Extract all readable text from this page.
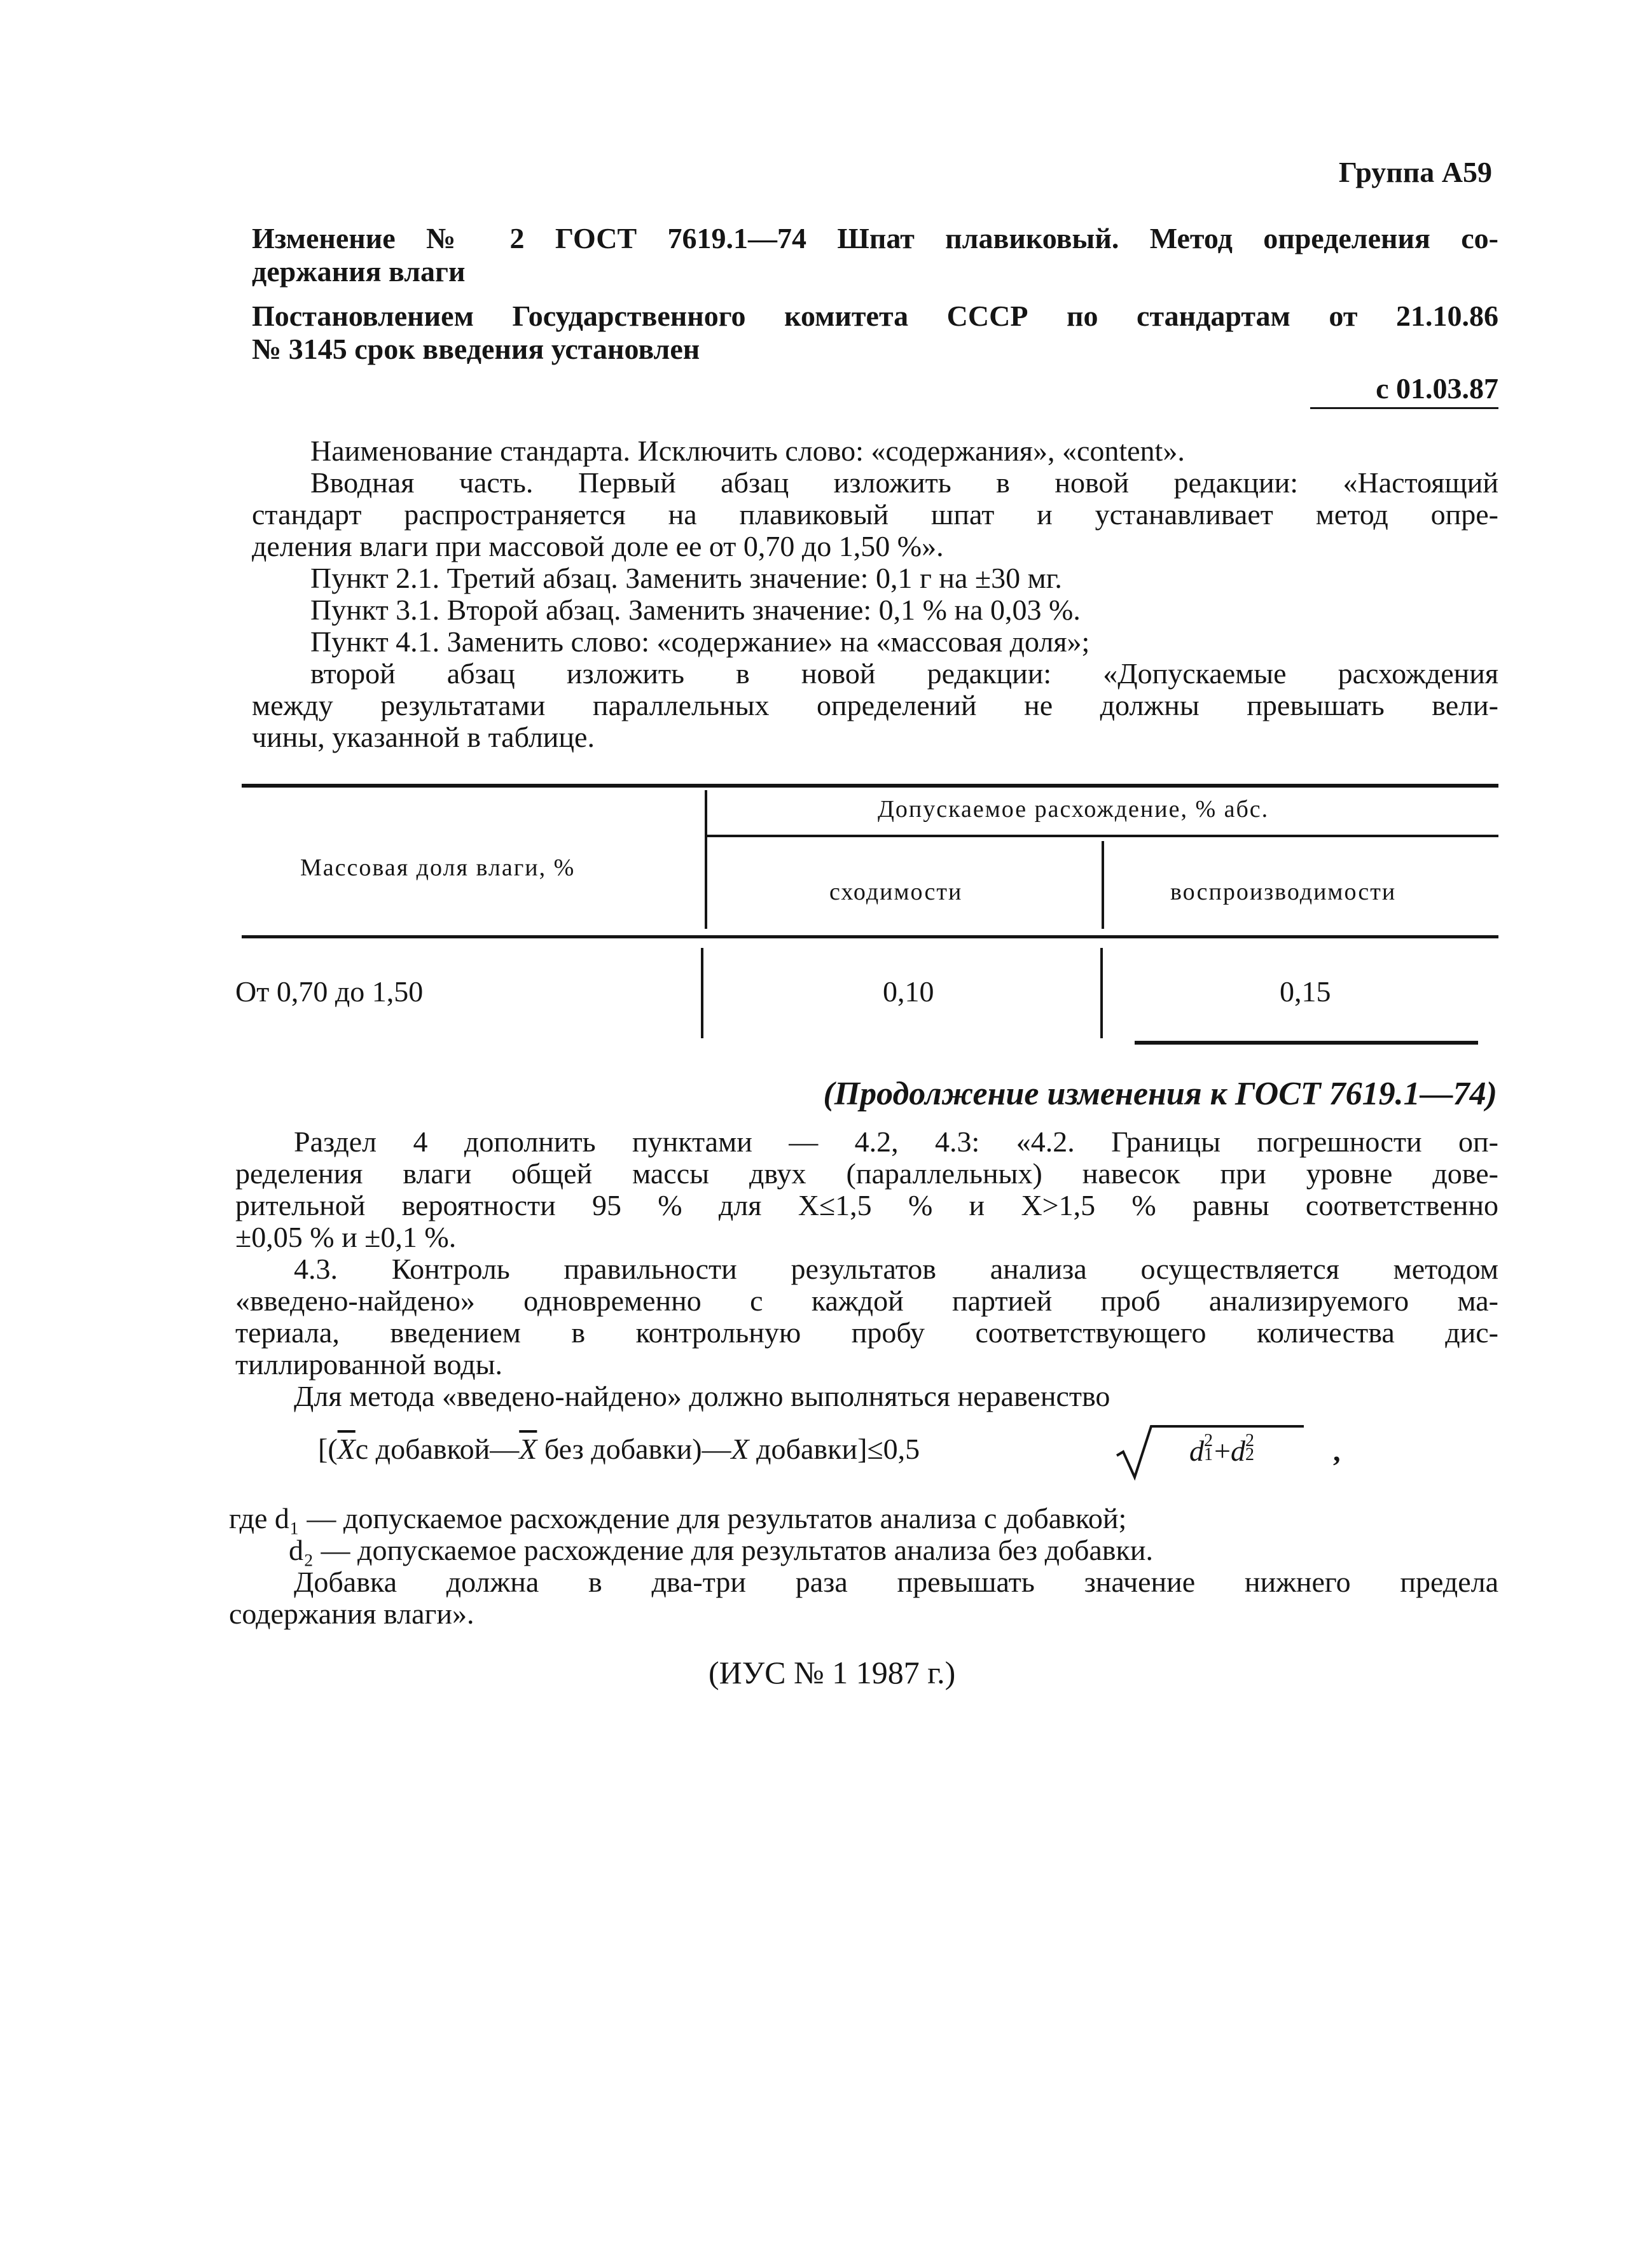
Группа A59
Изменение № 2 ГОСТ 7619.1—74 Шпат плавиковый. Метод определения со-
держания влаги
Постановлением Государственного комитета СССР по стандартам от 21.10.86
№ 3145 срок введения установлен
с 01.03.87
Наименование стандарта. Исключить слово: «содержания», «content».
Вводная часть. Первый абзац изложить в новой редакции: «Настоящий
стандарт распространяется на плавиковый шпат и устанавливает метод опре-
деления влаги при массовой доле ее от 0,70 до 1,50 %».
Пункт 2.1. Третий абзац. Заменить значение: 0,1 г на ±30 мг.
Пункт 3.1. Второй абзац. Заменить значение: 0,1 % на 0,03 %.
Пункт 4.1. Заменить слово: «содержание» на «массовая доля»;
второй абзац изложить в новой редакции: «Допускаемые расхождения
между результатами параллельных определений не должны превышать вели-
чины, указанной в таблице.
Допускаемое расхождение, % абс.
Массовая доля влаги, %
сходимости	воспроизводимости
От 0,70 до 1,50	0,10	0,15
(Продолжение изменения к ГОСТ 7619.1—74)
Раздел 4 дополнить пунктами — 4.2, 4.3: «4.2. Границы погрешности оп-
ределения влаги общей массы двух (параллельных) навесок при уровне дове-
рительной вероятности 95 % для X≤1,5 % и X>1,5 % равны соответственно
±0,05 % и ±0,1 %.
4.3. Контроль правильности результатов анализа осуществляется методом
«введено-найдено» одновременно с каждой партией проб анализируемого ма-
териала, введением в контрольную пробу соответствующего количества дис-
тиллированной воды.
Для метода «введено-найдено» должно выполняться неравенство
[($\overline{X}с$ $добавкой—\overline{X}$ без добавки)—X добавки]≤0,5	d 2
1 +d 2
2	,
где d₁ — допускаемое расхождение для результатов анализа с добавкой;
d₂ — допускаемое расхождение для результатов анализа без добавки.
Добавка должна в два-три раза превышать значение нижнего предела
содержания влаги».
(ИУС № 1 1987 г.)
